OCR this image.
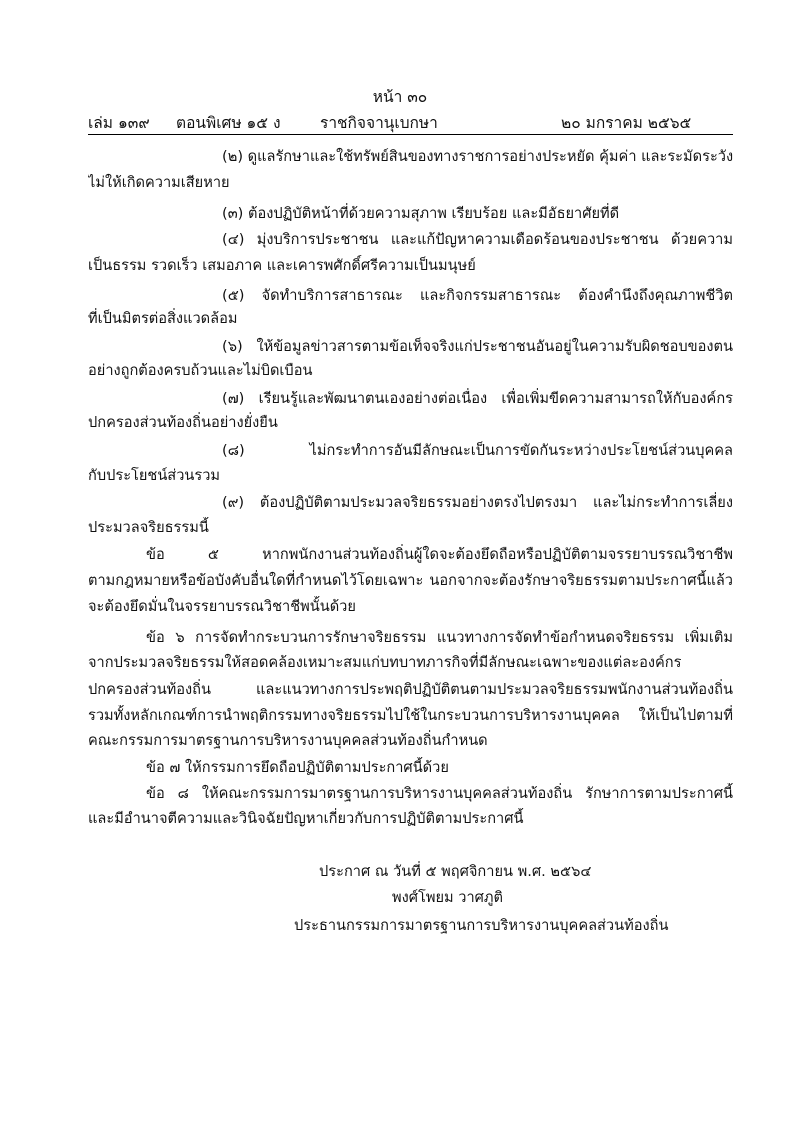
หน้า ๓๐
เล่ม ๑๓๙ ตอนพิเศษ ๑๕ ง	ราชกิจจานุเบกษา	๒๐ มกราคม ๒๕๖๕
(๒) ดูแลรักษาและใช้ทรัพย์สินของทางราชการอย่างประหยัด คุ้มค่า และระมัดระวัง
ไม่ให้เกิดความเสียหาย
(๓) ต้องปฏิบัติหน้าที่ด้วยความสุภาพ เรียบร้อย และมีอัธยาศัยที่ดี
(๔) มุ่งบริการประชาชน และแก้ปัญหาความเดือดร้อนของประชาชน ด้วยความ
เป็นธรรม รวดเร็ว เสมอภาค และเคารพศักดิ์ศรีความเป็นมนุษย์
(๕) จัดทำบริการสาธารณะ และกิจกรรมสาธารณะ ต้องคำนึงถึงคุณภาพชีวิต
ที่เป็นมิตรต่อสิ่งแวดล้อม
(๖) ให้ข้อมูลข่าวสารตามข้อเท็จจริงแก่ประชาชนอันอยู่ในความรับผิดชอบของตน
อย่างถูกต้องครบถ้วนและไม่บิดเบือน
(๗) เรียนรู้และพัฒนาตนเองอย่างต่อเนื่อง เพื่อเพิ่มขีดความสามารถให้กับองค์กร
ปกครองส่วนท้องถิ่นอย่างยั่งยืน
(๘) ไม่กระทำการอันมีลักษณะเป็นการขัดกันระหว่างประโยชน์ส่วนบุคคล
กับประโยชน์ส่วนรวม
(๙) ต้องปฏิบัติตามประมวลจริยธรรมอย่างตรงไปตรงมา และไม่กระทำการเลี่ยง
ประมวลจริยธรรมนี้
ข้อ ๕ หากพนักงานส่วนท้องถิ่นผู้ใดจะต้องยึดถือหรือปฏิบัติตามจรรยาบรรณวิชาชีพ
ตามกฎหมายหรือข้อบังคับอื่นใดที่กำหนดไว้โดยเฉพาะ นอกจากจะต้องรักษาจริยธรรมตามประกาศนี้แล้ว
จะต้องยึดมั่นในจรรยาบรรณวิชาชีพนั้นด้วย
ข้อ ๖ การจัดทำกระบวนการรักษาจริยธรรม แนวทางการจัดทำข้อกำหนดจริยธรรม เพิ่มเติม
จากประมวลจริยธรรมให้สอดคล้องเหมาะสมแก่บทบาทภารกิจที่มีลักษณะเฉพาะของแต่ละองค์กร
ปกครองส่วนท้องถิ่น และแนวทางการประพฤติปฏิบัติตนตามประมวลจริยธรรมพนักงานส่วนท้องถิ่น
รวมทั้งหลักเกณฑ์การนำพฤติกรรมทางจริยธรรมไปใช้ในกระบวนการบริหารงานบุคคล ให้เป็นไปตามที่
คณะกรรมการมาตรฐานการบริหารงานบุคคลส่วนท้องถิ่นกำหนด
ข้อ ๗ ให้กรรมการยึดถือปฏิบัติตามประกาศนี้ด้วย
ข้อ ๘ ให้คณะกรรมการมาตรฐานการบริหารงานบุคคลส่วนท้องถิ่น รักษาการตามประกาศนี้
และมีอำนาจตีความและวินิจฉัยปัญหาเกี่ยวกับการปฏิบัติตามประกาศนี้
ประกาศ ณ วันที่ ๕ พฤศจิกายน พ.ศ. ๒๕๖๔
พงศ์โพยม วาศภูติ
ประธานกรรมการมาตรฐานการบริหารงานบุคคลส่วนท้องถิ่น
